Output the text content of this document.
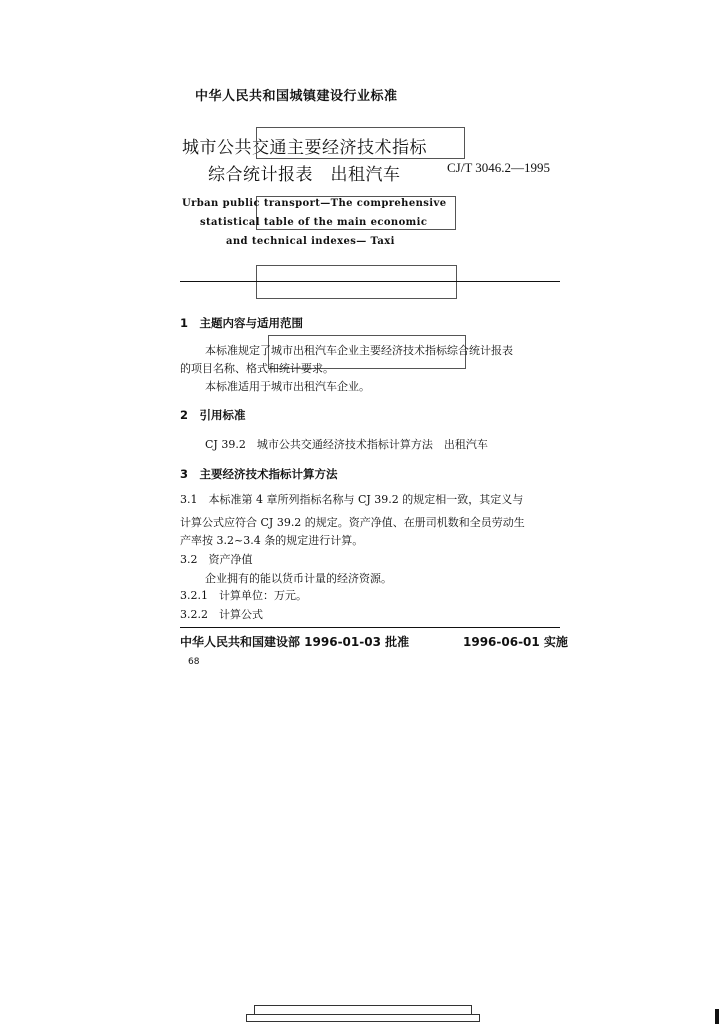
中华人民共和国城镇建设行业标准
城市公共交通主要经济技术指标
综合统计报表　出租汽车	CJ/T 3046.2—1995
Urban public transport—The comprehensive
statistical table of the main economic
and technical indexes— Taxi
1　主题内容与适用范围
本标准规定了城市出租汽车企业主要经济技术指标综合统计报表
的项目名称、格式和统计要求。
本标准适用于城市出租汽车企业。
2　引用标准
CJ 39.2　城市公共交通经济技术指标计算方法　出租汽车
3　主要经济技术指标计算方法
3.1　本标准第 4 章所列指标名称与 CJ 39.2 的规定相一致，其定义与
计算公式应符合 CJ 39.2 的规定。资产净值、在册司机数和全员劳动生
产率按 3.2~3.4 条的规定进行计算。
3.2　资产净值
企业拥有的能以货币计量的经济资源。
3.2.1　计算单位：万元。
3.2.2　计算公式
中华人民共和国建设部 1996-01-03 批准	1996-06-01 实施
68
